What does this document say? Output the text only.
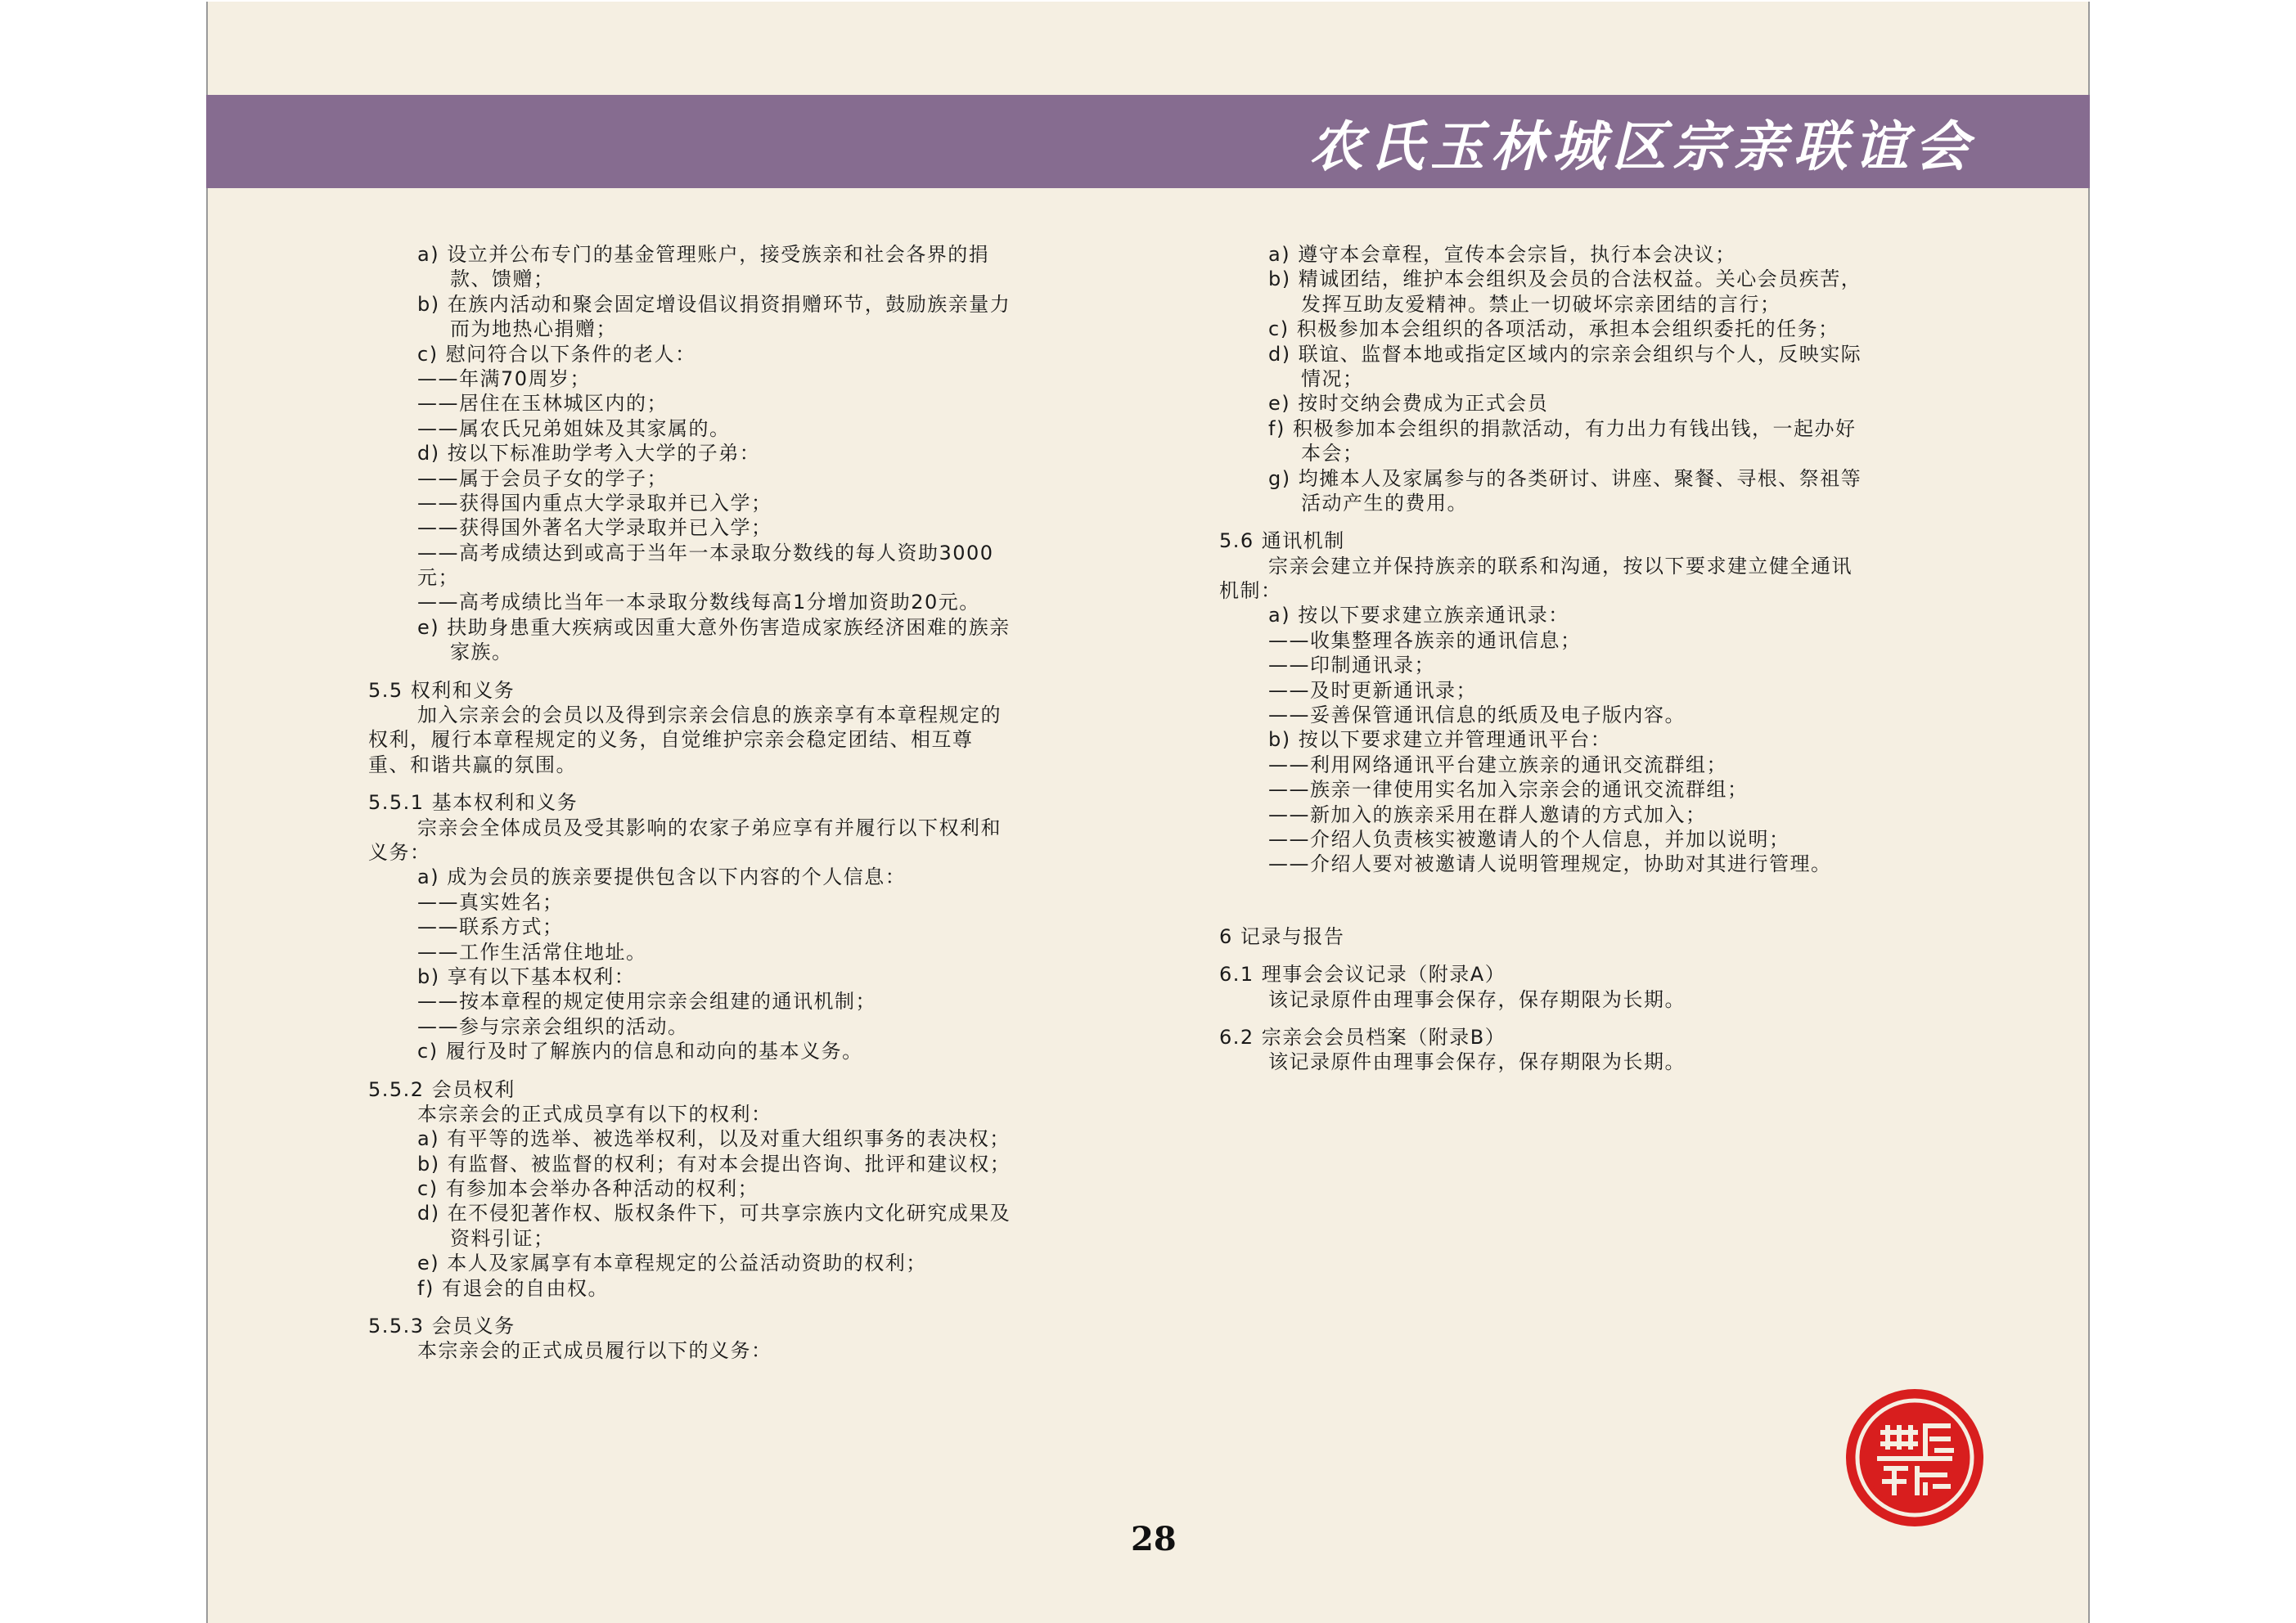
农氏玉林城区宗亲联谊会
a) 设立并公布专门的基金管理账户，接受族亲和社会各界的捐
款、馈赠；
b) 在族内活动和聚会固定增设倡议捐资捐赠环节，鼓励族亲量力
而为地热心捐赠；
c) 慰问符合以下条件的老人：
——年满70周岁；
——居住在玉林城区内的；
——属农氏兄弟姐妹及其家属的。
d) 按以下标准助学考入大学的子弟：
——属于会员子女的学子；
——获得国内重点大学录取并已入学；
——获得国外著名大学录取并已入学；
——高考成绩达到或高于当年一本录取分数线的每人资助3000
元；
——高考成绩比当年一本录取分数线每高1分增加资助20元。
e) 扶助身患重大疾病或因重大意外伤害造成家族经济困难的族亲
家族。
5.5 权利和义务
加入宗亲会的会员以及得到宗亲会信息的族亲享有本章程规定的
权利，履行本章程规定的义务，自觉维护宗亲会稳定团结、相互尊
重、和谐共赢的氛围。
5.5.1 基本权利和义务
宗亲会全体成员及受其影响的农家子弟应享有并履行以下权利和
义务：
a) 成为会员的族亲要提供包含以下内容的个人信息：
——真实姓名；
——联系方式；
——工作生活常住地址。
b) 享有以下基本权利：
——按本章程的规定使用宗亲会组建的通讯机制；
——参与宗亲会组织的活动。
c) 履行及时了解族内的信息和动向的基本义务。
5.5.2 会员权利
本宗亲会的正式成员享有以下的权利：
a) 有平等的选举、被选举权利，以及对重大组织事务的表决权；
b) 有监督、被监督的权利；有对本会提出咨询、批评和建议权；
c) 有参加本会举办各种活动的权利；
d) 在不侵犯著作权、版权条件下，可共享宗族内文化研究成果及
资料引证；
e) 本人及家属享有本章程规定的公益活动资助的权利；
f) 有退会的自由权。
5.5.3 会员义务
本宗亲会的正式成员履行以下的义务：
a) 遵守本会章程，宣传本会宗旨，执行本会决议；
b) 精诚团结，维护本会组织及会员的合法权益。关心会员疾苦，
发挥互助友爱精神。禁止一切破坏宗亲团结的言行；
c) 积极参加本会组织的各项活动，承担本会组织委托的任务；
d) 联谊、监督本地或指定区域内的宗亲会组织与个人，反映实际
情况；
e) 按时交纳会费成为正式会员
f) 积极参加本会组织的捐款活动，有力出力有钱出钱，一起办好
本会；
g) 均摊本人及家属参与的各类研讨、讲座、聚餐、寻根、祭祖等
活动产生的费用。
5.6 通讯机制
宗亲会建立并保持族亲的联系和沟通，按以下要求建立健全通讯
机制：
a) 按以下要求建立族亲通讯录：
——收集整理各族亲的通讯信息；
——印制通讯录；
——及时更新通讯录；
——妥善保管通讯信息的纸质及电子版内容。
b) 按以下要求建立并管理通讯平台：
——利用网络通讯平台建立族亲的通讯交流群组；
——族亲一律使用实名加入宗亲会的通讯交流群组；
——新加入的族亲采用在群人邀请的方式加入；
——介绍人负责核实被邀请人的个人信息，并加以说明；
——介绍人要对被邀请人说明管理规定，协助对其进行管理。
6 记录与报告
6.1 理事会会议记录（附录A）
该记录原件由理事会保存，保存期限为长期。
6.2 宗亲会会员档案（附录B）
该记录原件由理事会保存，保存期限为长期。
28
